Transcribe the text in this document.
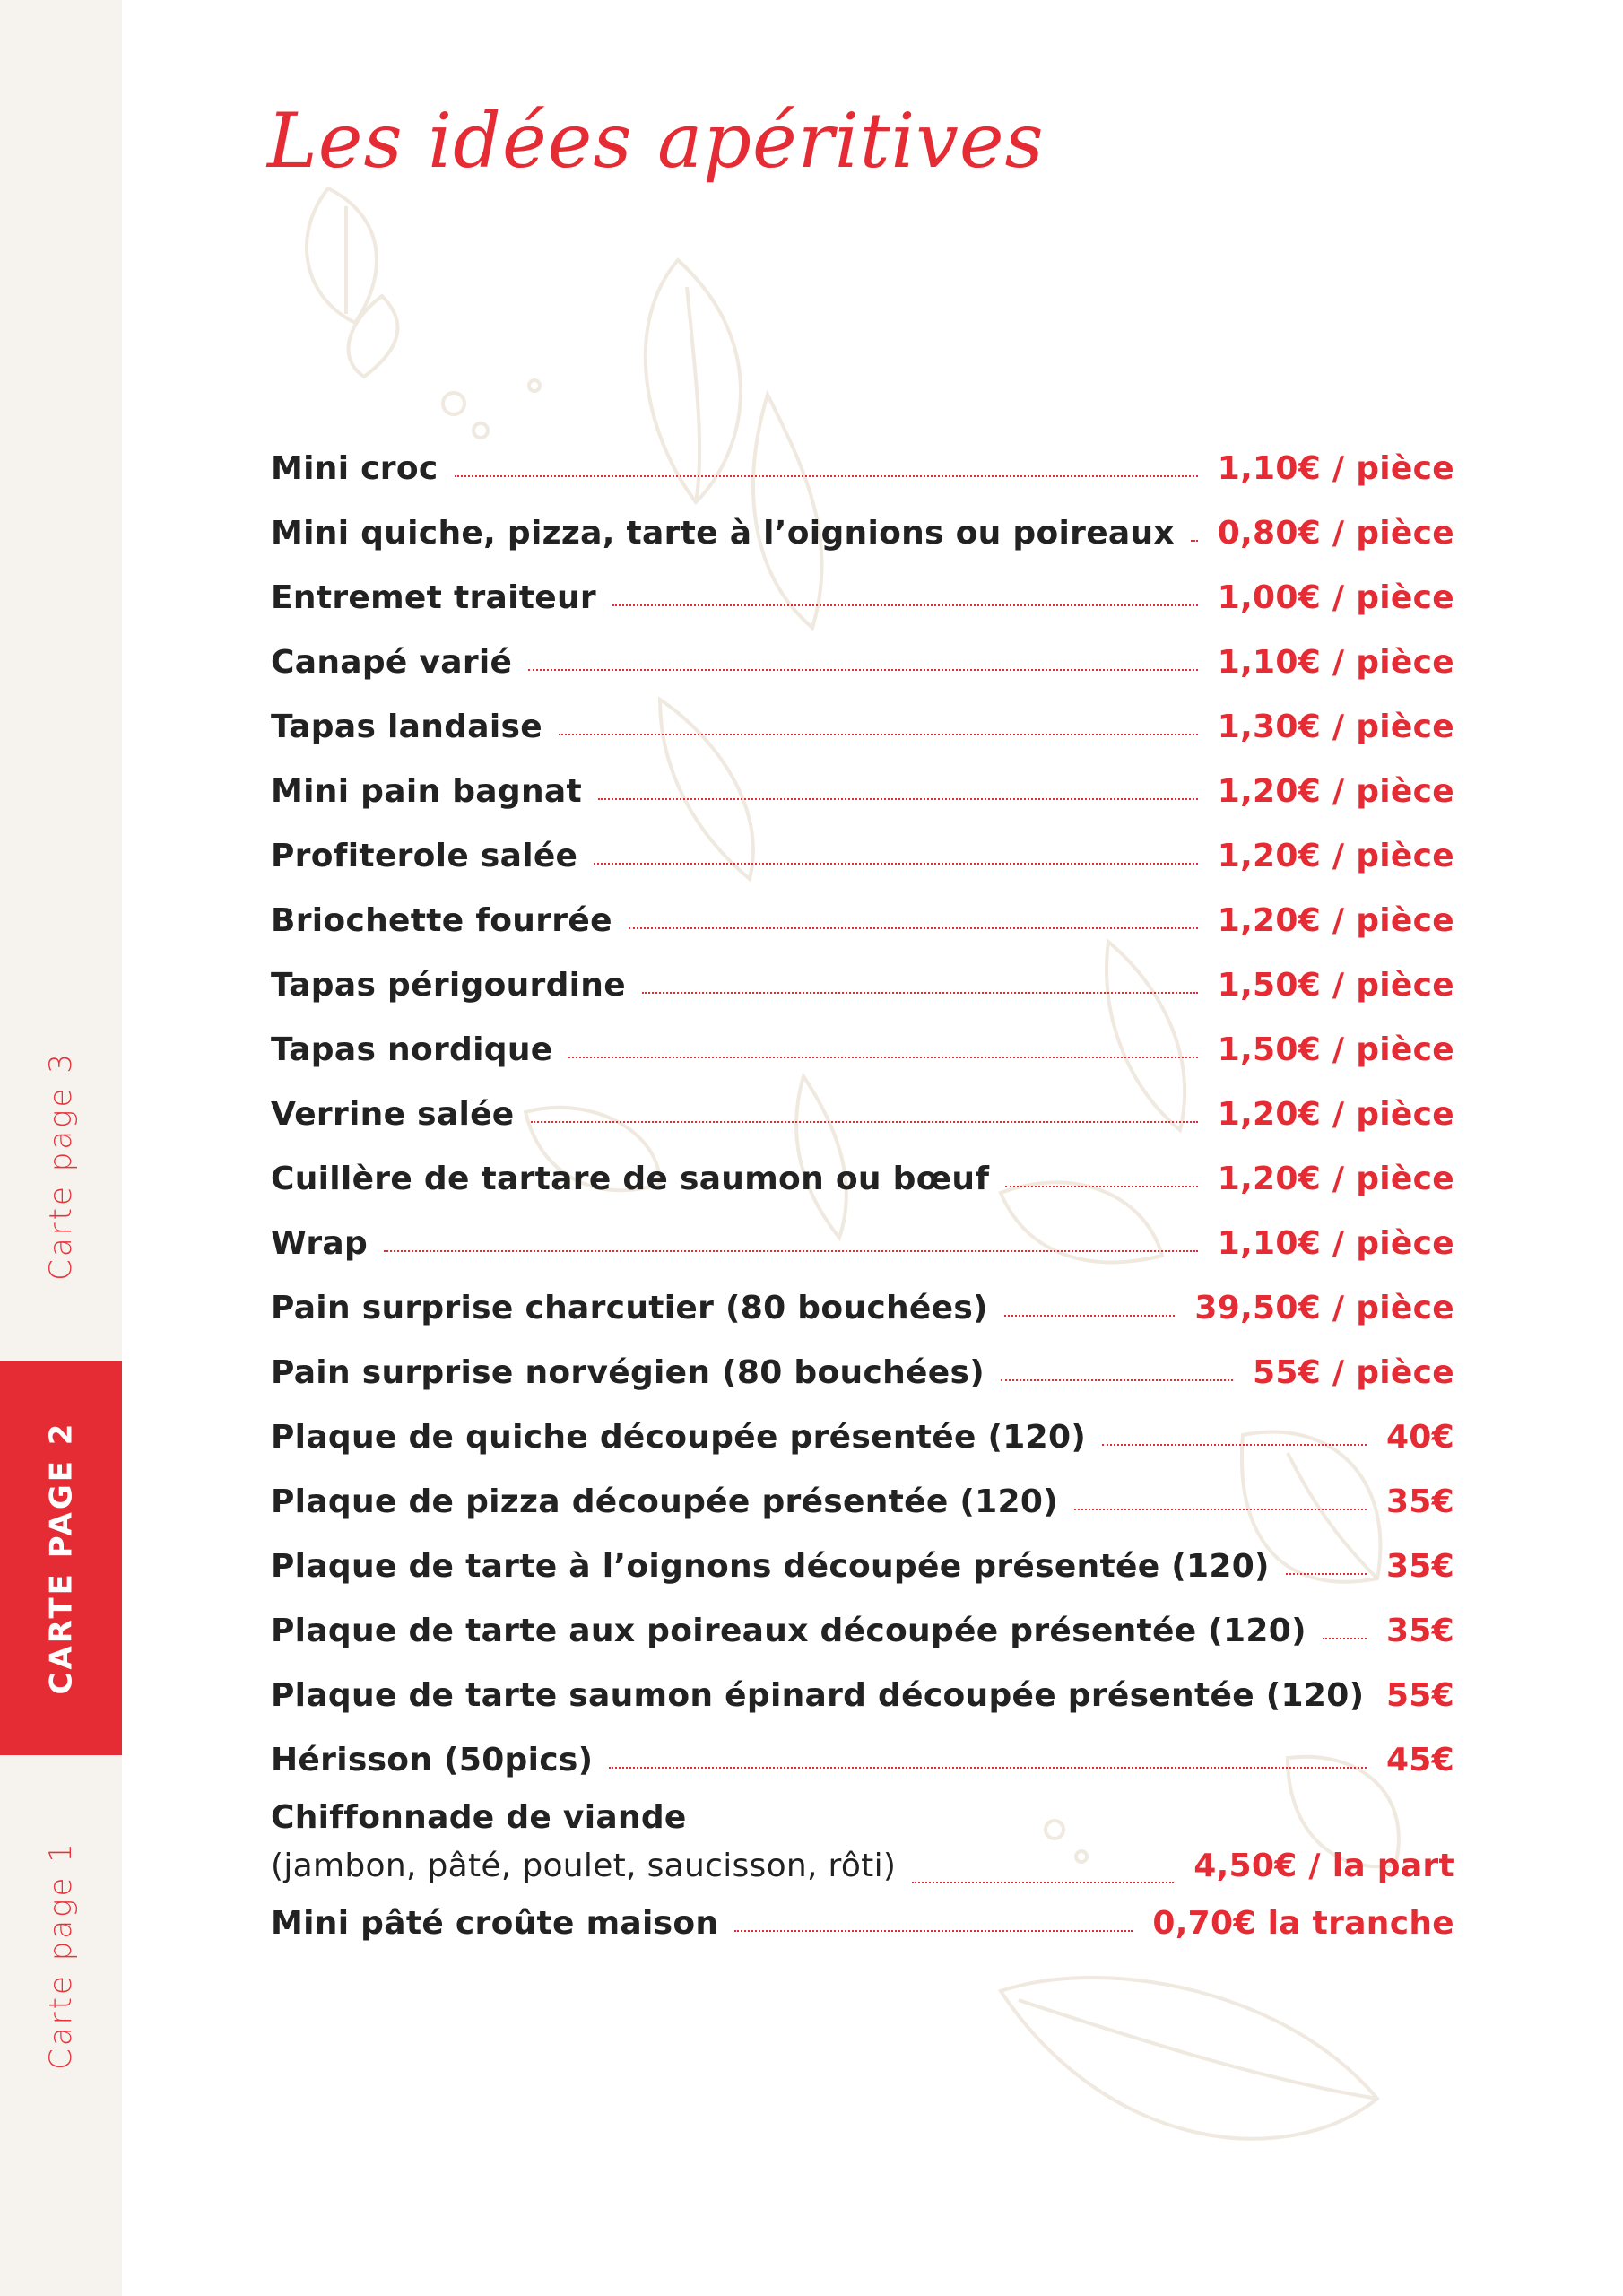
Carte page 3
CARTE PAGE 2
Carte page 1
Les idées apéritives
Mini croc	1,10€ / pièce
Mini quiche, pizza, tarte à l’oignions ou poireaux 0,80€ / pièce
Entremet traiteur	1,00€ / pièce
Canapé varié	1,10€ / pièce
Tapas landaise	1,30€ / pièce
Mini pain bagnat	1,20€ / pièce
Profiterole salée	1,20€ / pièce
Briochette fourrée	1,20€ / pièce
Tapas périgourdine	1,50€ / pièce
Tapas nordique	1,50€ / pièce
Verrine salée	1,20€ / pièce
Cuillère de tartare de saumon ou bœuf	1,20€ / pièce
Wrap	1,10€ / pièce
Pain surprise charcutier (80 bouchées)	39,50€ / pièce
Pain surprise norvégien (80 bouchées)	55€ / pièce
Plaque de quiche découpée présentée (120)	40€
Plaque de pizza découpée présentée (120)	35€
Plaque de tarte à l’oignons découpée présentée (120)	35€
Plaque de tarte aux poireaux découpée présentée (120) 35€
Plaque de tarte saumon épinard découpée présentée (120) 55€
Hérisson (50pics)	45€
Chiffonnade de viande
(jambon, pâté, poulet, saucisson, rôti)	4,50€ / la part
Mini pâté croûte maison	0,70€ la tranche
